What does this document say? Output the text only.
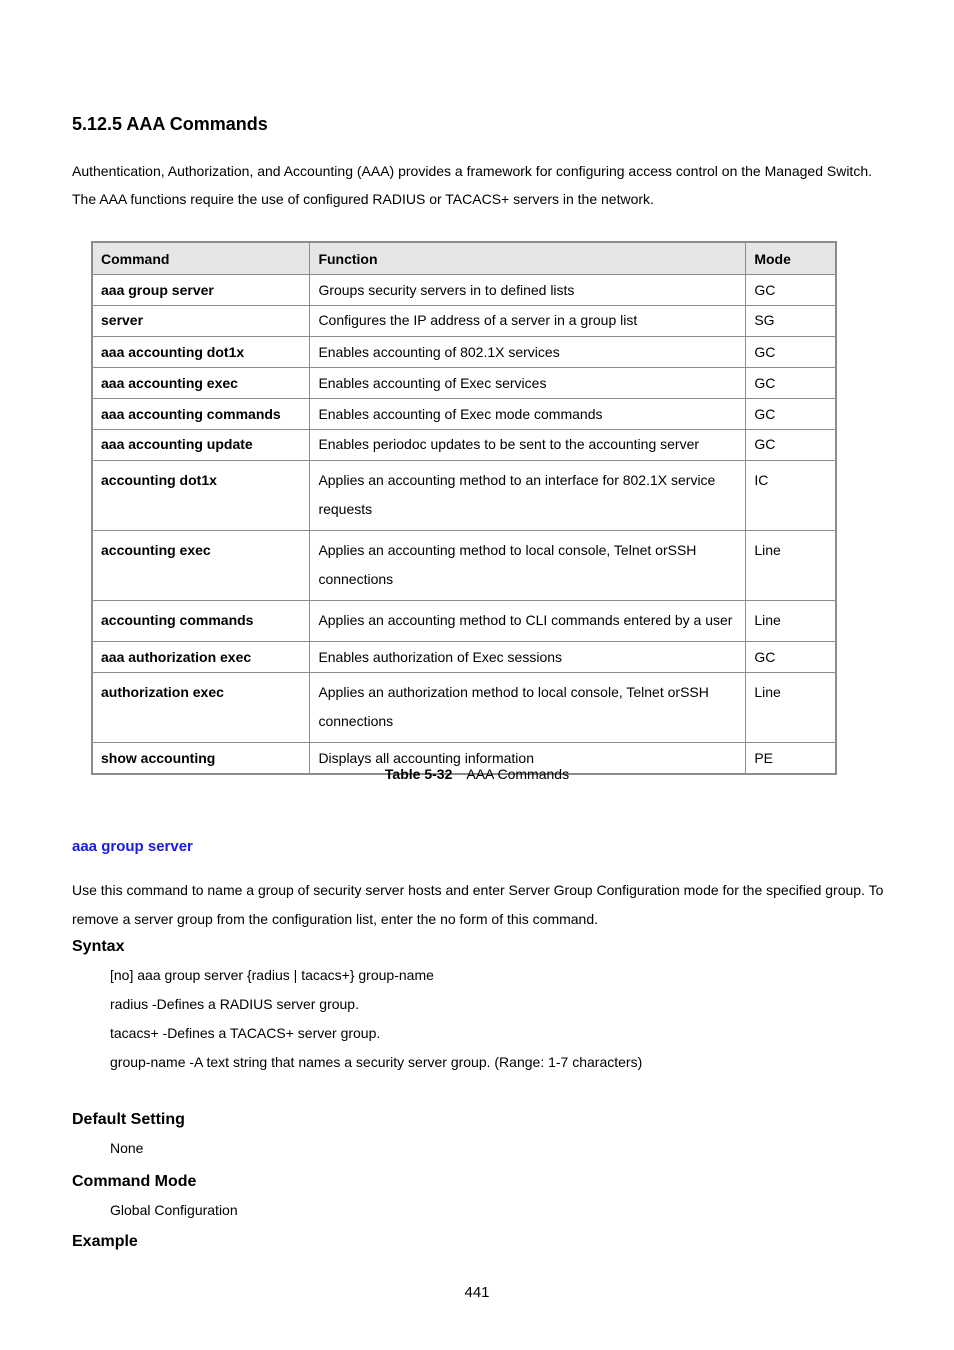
5.12.5 AAA Commands
Authentication, Authorization, and Accounting (AAA) provides a framework for configuring access control on the Managed Switch. The AAA functions require the use of configured RADIUS or TACACS+ servers in the network.
Command	Function	Mode
aaa group server	Groups security servers in to defined lists	GC
server	Configures the IP address of a server in a group list	SG
aaa accounting dot1x	Enables accounting of 802.1X services	GC
aaa accounting exec	Enables accounting of Exec services	GC
aaa accounting commands	Enables accounting of Exec mode commands	GC
aaa accounting update	Enables periodoc updates to be sent to the accounting server	GC
accounting dot1x	Applies an accounting method to an interface for 802.1X service requests	IC
accounting exec	Applies an accounting method to local console, Telnet orSSH connections	Line
accounting commands	Applies an accounting method to CLI commands entered by a user	Line
aaa authorization exec	Enables authorization of Exec sessions	GC
authorization exec	Applies an authorization method to local console, Telnet orSSH connections	Line
show accounting	Displays all accounting information	PE
Table 5-32 AAA Commands
aaa group server
Use this command to name a group of security server hosts and enter Server Group Configuration mode for the specified group. To remove a server group from the configuration list, enter the no form of this command.
Syntax
[no] aaa group server {radius | tacacs+} group-name
radius -Defines a RADIUS server group.
tacacs+ -Defines a TACACS+ server group.
group-name -A text string that names a security server group. (Range: 1-7 characters)
Default Setting
None
Command Mode
Global Configuration
Example
441
